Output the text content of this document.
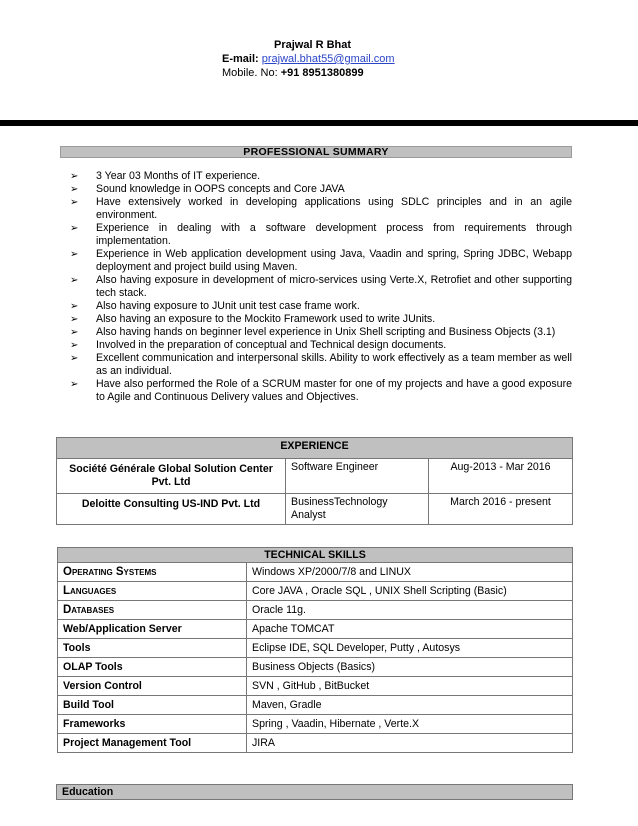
Prajwal R Bhat
E-mail: prajwal.bhat55@gmail.com
Mobile. No: +91 8951380899
PROFESSIONAL SUMMARY
➢ 3 Year 03 Months of IT experience.
➢ Sound knowledge in OOPS concepts and Core JAVA
➢ Have extensively worked in developing applications using SDLC principles and in an agile environment.
➢ Experience in dealing with a software development process from requirements through implementation.
➢ Experience in Web application development using Java, Vaadin and spring, Spring JDBC, Webapp deployment and project build using Maven.
➢ Also having exposure in development of micro-services using Verte.X, Retrofiet and other supporting tech stack.
➢ Also having exposure to JUnit unit test case frame work.
➢ Also having an exposure to the Mockito Framework used to write JUnits.
➢ Also having hands on beginner level experience in Unix Shell scripting and Business Objects (3.1)
➢ Involved in the preparation of conceptual and Technical design documents.
➢ Excellent communication and interpersonal skills. Ability to work effectively as a team member as well as an individual.
➢ Have also performed the Role of a SCRUM master for one of my projects and have a good exposure to Agile and Continuous Delivery values and Objectives.
EXPERIENCE		
Société Générale Global Solution Center Pvt. Ltd	Software Engineer	Aug-2013 - Mar 2016
Deloitte Consulting US-IND Pvt. Ltd	BusinessTechnology Analyst	March 2016 - present
TECHNICAL SKILLS	
Operating Systems	Windows XP/2000/7/8 and LINUX
Languages	Core JAVA , Oracle SQL , UNIX Shell Scripting (Basic)
Databases	Oracle 11g.
Web/Application Server	Apache TOMCAT
Tools	Eclipse IDE, SQL Developer, Putty , Autosys
OLAP Tools	Business Objects (Basics)
Version Control	SVN , GitHub , BitBucket
Build Tool	Maven, Gradle
Frameworks	Spring , Vaadin, Hibernate , Verte.X
Project Management Tool	JIRA
Education
